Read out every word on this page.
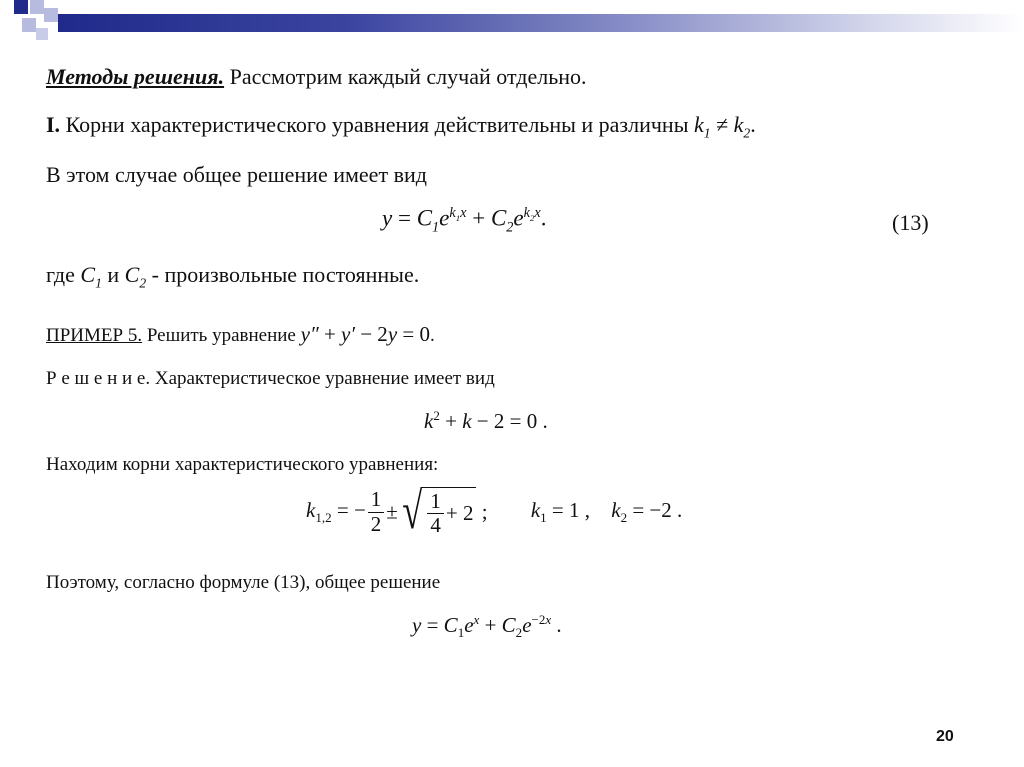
Методы решения. Рассмотрим каждый случай отдельно.
I. Корни характеристического уравнения действительны и различны $k_1 \ne k_2$.
В этом случае общее решение имеет вид
$y = C_1e^{k_1x} + C_2e^{k_2x}$.	(13)
где $C_1$ и $C_2$ - произвольные постоянные.
ПРИМЕР 5. Решить уравнение y″ + y′ − 2y = 0.
Р е ш е н и е. Характеристическое уравнение имеет вид
$k^2 + k - 2 = 0$ .
Находим корни характеристического уравнения:
$k_{1,2}$ = − $\frac{1}{2}$ ±√ $\frac{1}{4} + 2$ ; $k_1 = 1$ , $k_2 = -2$ .
Поэтому, согласно формуле (13), общее решение
$y = C_1e^x + C_2e^{-2x}$ .
20
